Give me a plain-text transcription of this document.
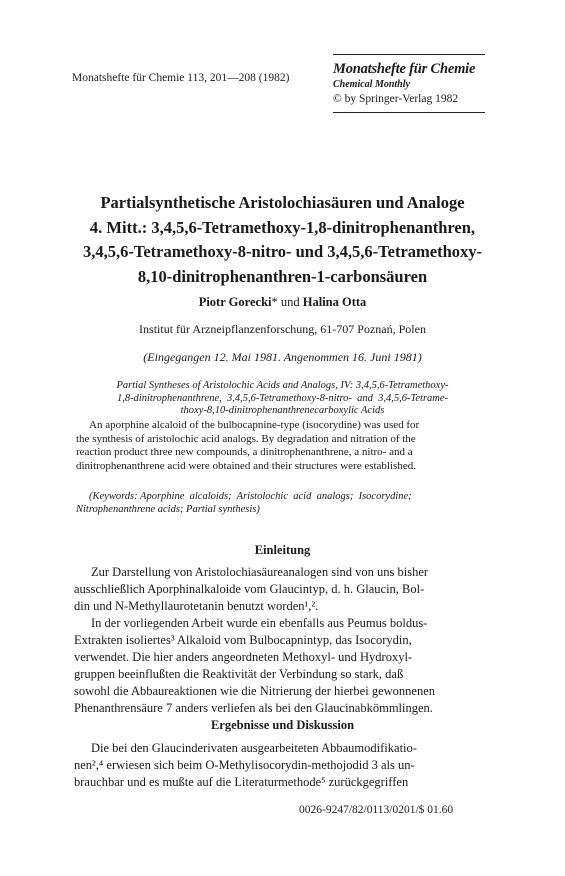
Monatshefte für Chemie 113, 201—208 (1982)
Monatshefte für Chemie
Chemical Monthly
© by Springer-Verlag 1982
Partialsynthetische Aristolochiasäuren und Analoge
4. Mitt.: 3,4,5,6-Tetramethoxy-1,8-dinitrophenanthren,
3,4,5,6-Tetramethoxy-8-nitro- und 3,4,5,6-Tetramethoxy-
8,10-dinitrophenanthren-1-carbonsäuren
Piotr Gorecki* und Halina Otta
Institut für Arzneipflanzenforschung, 61-707 Poznań, Polen
(Eingegangen 12. Mai 1981. Angenommen 16. Juni 1981)
Partial Syntheses of Aristolochic Acids and Analogs, IV: 3,4,5,6-Tetramethoxy-
1,8-dinitrophenanthrene,  3,4,5,6-Tetramethoxy-8-nitro-  and  3,4,5,6-Tetrame-
thoxy-8,10-dinitrophenanthrenecarboxylic Acids
An aporphine alcaloid of the bulbocapnine-type (isocorydine) was used for
the synthesis of aristolochic acid analogs. By degradation and nitration of the
reaction product three new compounds, a dinitrophenanthrene, a nitro- and a
dinitrophenanthrene acid were obtained and their structures were established.
(Keywords: Aporphine  alcaloids;  Aristolochic  acid  analogs;  Isocorydine;
Nitrophenanthrene acids; Partial synthesis)
Einleitung
Zur Darstellung von Aristolochiasäureanalogen sind von uns bisher
ausschließlich Aporphinalkaloide vom Glaucintyp, d. h. Glaucin, Bol-
din und N-Methyllaurotetanin benutzt worden¹,².
In der vorliegenden Arbeit wurde ein ebenfalls aus Peumus boldus-
Extrakten isoliertes³ Alkaloid vom Bulbocapnintyp, das Isocorydin,
verwendet. Die hier anders angeordneten Methoxyl- und Hydroxyl-
gruppen beeinflußten die Reaktivität der Verbindung so stark, daß
sowohl die Abbaureaktionen wie die Nitrierung der hierbei gewonnenen
Phenanthrensäure 7 anders verliefen als bei den Glaucinabkömmlingen.
Ergebnisse und Diskussion
Die bei den Glaucinderivaten ausgearbeiteten Abbaumodifikatio-
nen²,⁴ erwiesen sich beim O-Methylisocorydin-methojodid 3 als un-
brauchbar und es mußte auf die Literaturmethode⁵ zurückgegriffen
0026-9247/82/0113/0201/$ 01.60
